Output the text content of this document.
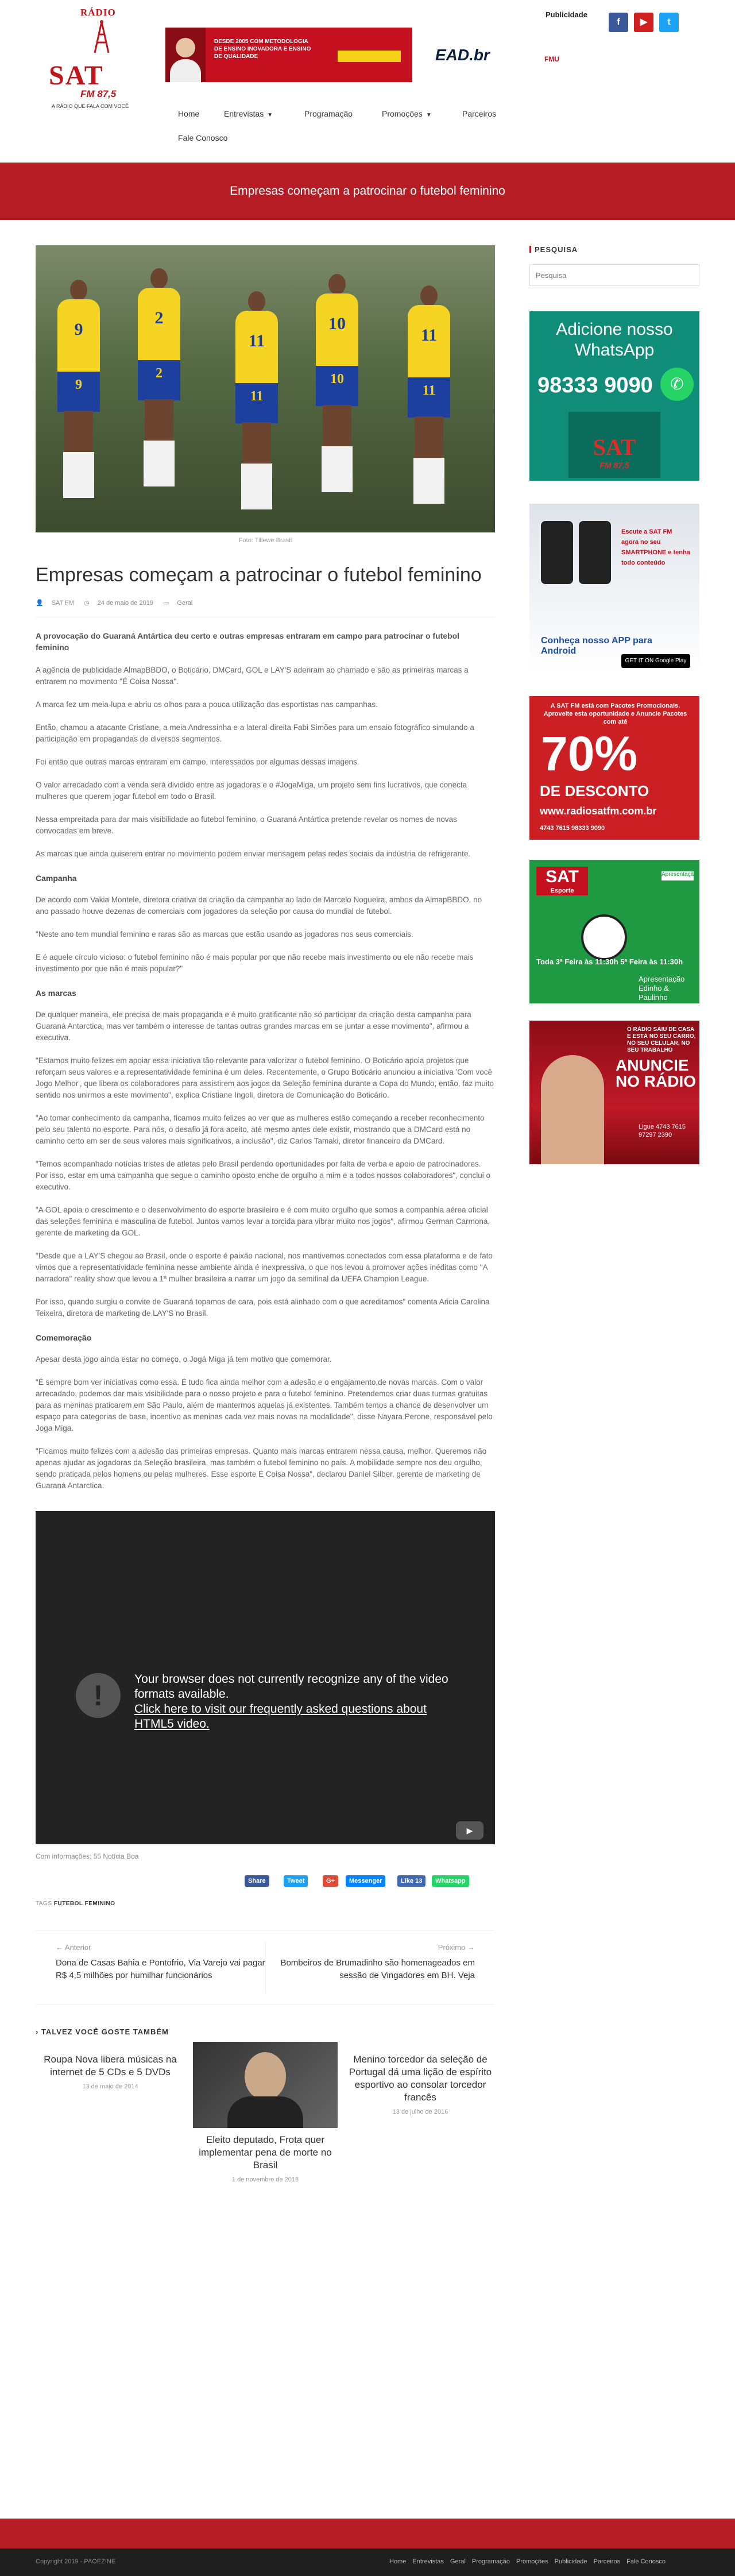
RÁDIO
SAT
FM 87,5
A RÁDIO QUE FALA COM VOCÊ
DESDE 2005 COM METODOLOGIA DE ENSINO INOVADORA E ENSINO DE QUALIDADE	EAD.br	FMU
Publicidade
f	▶	t
Home	Entrevistas ▼	Programação	Promoções ▼	Parceiros
Fale Conosco
Empresas começam a patrocinar o futebol feminino
9
9
2
2
11
11
10
10
11
11
Foto: Tillewe Brasil
Empresas começam a patrocinar o futebol feminino
👤 SAT FM ◷ 24 de maio de 2019 ▭ Geral

A provocação do Guaraná Antártica deu certo e outras empresas entraram em campo para patrocinar o futebol feminino

A agência de publicidade AlmapBBDO, o Boticário, DMCard, GOL e LAY'S aderiram ao chamado e são as primeiras marcas a entrarem no movimento "É Coisa Nossa".

A marca fez um meia-lupa e abriu os olhos para a pouca utilização das esportistas nas campanhas.

Então, chamou a atacante Cristiane, a meia Andressinha e a lateral-direita Fabi Simões para um ensaio fotográfico simulando a participação em propagandas de diversos segmentos.

Foi então que outras marcas entraram em campo, interessados por algumas dessas imagens.

O valor arrecadado com a venda será dividido entre as jogadoras e o #JogaMiga, um projeto sem fins lucrativos, que conecta mulheres que querem jogar futebol em todo o Brasil.

Nessa empreitada para dar mais visibilidade ao futebol feminino, o Guaraná Antártica pretende revelar os nomes de novas convocadas em breve.

As marcas que ainda quiserem entrar no movimento podem enviar mensagem pelas redes sociais da indústria de refrigerante.

Campanha

De acordo com Vakia Montele, diretora criativa da criação da campanha ao lado de Marcelo Nogueira, ambos da AlmapBBDO, no ano passado houve dezenas de comerciais com jogadores da seleção por causa do mundial de futebol.

"Neste ano tem mundial feminino e raras são as marcas que estão usando as jogadoras nos seus comerciais.

E é aquele círculo vicioso: o futebol feminino não é mais popular por que não recebe mais investimento ou ele não recebe mais investimento por que não é mais popular?"

As marcas

De qualquer maneira, ele precisa de mais propaganda e é muito gratificante não só participar da criação desta campanha para Guaraná Antarctica, mas ver também o interesse de tantas outras grandes marcas em se juntar a esse movimento", afirmou a executiva.

"Estamos muito felizes em apoiar essa iniciativa tão relevante para valorizar o futebol feminino. O Boticário apoia projetos que reforçam seus valores e a representatividade feminina é um deles. Recentemente, o Grupo Boticário anunciou a iniciativa 'Com você Jogo Melhor', que libera os colaboradores para assistirem aos jogos da Seleção feminina durante a Copa do Mundo, então, faz muito sentido nos unirmos a este movimento", explica Cristiane Ingoli, diretora de Comunicação do Boticário.

"Ao tomar conhecimento da campanha, ficamos muito felizes ao ver que as mulheres estão começando a receber reconhecimento pelo seu talento no esporte. Para nós, o desafio já fora aceito, até mesmo antes dele existir, mostrando que a DMCard está no caminho certo em ser de seus valores mais significativos, a inclusão", diz Carlos Tamaki, diretor financeiro da DMCard.

"Temos acompanhado notícias tristes de atletas pelo Brasil perdendo oportunidades por falta de verba e apoio de patrocinadores. Por isso, estar em uma campanha que segue o caminho oposto enche de orgulho a mim e a todos nossos colaboradores", conclui o executivo.

"A GOL apoia o crescimento e o desenvolvimento do esporte brasileiro e é com muito orgulho que somos a companhia aérea oficial das seleções feminina e masculina de futebol. Juntos vamos levar a torcida para vibrar muito nos jogos", afirmou German Carmona, gerente de marketing da GOL.

"Desde que a LAY'S chegou ao Brasil, onde o esporte é paixão nacional, nos mantivemos conectados com essa plataforma e de fato vimos que a representatividade feminina nesse ambiente ainda é inexpressiva, o que nos levou a promover ações inéditas como "A narradora" reality show que levou a 1ª mulher brasileira a narrar um jogo da semifinal da UEFA Champion League.

Por isso, quando surgiu o convite de Guaraná topamos de cara, pois está alinhado com o que acreditamos" comenta Aricia Carolina Teixeira, diretora de marketing de LAY'S no Brasil.

Comemoração

Apesar desta jogo ainda estar no começo, o Jogá Miga já tem motivo que comemorar.

"É sempre bom ver iniciativas como essa. É tudo fica ainda melhor com a adesão e o engajamento de novas marcas. Com o valor arrecadado, podemos dar mais visibilidade para o nosso projeto e para o futebol feminino. Pretendemos criar duas turmas gratuitas para as meninas praticarem em São Paulo, além de mantermos aquelas já existentes. Também temos a chance de desenvolver um espaço para categorias de base, incentivo as meninas cada vez mais novas na modalidade", disse Nayara Perone, responsável pelo Joga Miga.

"Ficamos muito felizes com a adesão das primeiras empresas. Quanto mais marcas entrarem nessa causa, melhor. Queremos não apenas ajudar as jogadoras da Seleção brasileira, mas também o futebol feminino no país. A mobilidade sempre nos deu orgulho, sendo praticada pelos homens ou pelas mulheres. Esse esporte É Coisa Nossa", declarou Daniel Silber, gerente de marketing de Guaraná Antarctica.

!
Your browser does not currently recognize any of the video formats available.
Click here to visit our frequently asked questions about HTML5 video.
▶
Com informações: 55 Notícia Boa
Share	Tweet	G+	Messenger	Like 13	Whatsapp
TAGS FUTEBOL FEMININO
← Anterior
Dona de Casas Bahia e Pontofrio, Via Varejo vai pagar R$ 4,5 milhões por humilhar funcionários
Próximo →
Bombeiros de Brumadinho são homenageados em sessão de Vingadores em BH. Veja
› TALVEZ VOCÊ GOSTE TAMBÉM
Roupa Nova libera músicas na internet de 5 CDs e 5 DVDs
13 de maio de 2014
Eleito deputado, Frota quer implementar pena de morte no Brasil
1 de novembro de 2018
Menino torcedor da seleção de Portugal dá uma lição de espírito esportivo ao consolar torcedor francês
13 de julho de 2016
PESQUISA
Pesquisa
Adicione nosso WhatsApp
98333 9090	✆
SAT
FM 87,5
Escute a SAT FM agora no seu SMARTPHONE e tenha todo conteúdo
Conheça nosso APP para Android
GET IT ON Google Play
A SAT FM está com Pacotes Promocionais. Aproveite esta oportunidade e Anuncie Pacotes com até
70%
DE DESCONTO
www.radiosatfm.com.br
4743 7615 98333 9090
SAT
Esporte
Apresentação
Toda 3ª Feira às 11:30h 5ª Feira às 11:30h
Apresentação Edinho & Paulinho
O RÁDIO SAIU DE CASA E ESTÁ NO SEU CARRO, NO SEU CELULAR, NO SEU TRABALHO
ANUNCIE NO RÁDIO
Ligue 4743 7615 97297 2390
Copyright 2019 - PAOEZINE	Home Entrevistas Geral Programação Promoções Publicidade Parceiros Fale Conosco
